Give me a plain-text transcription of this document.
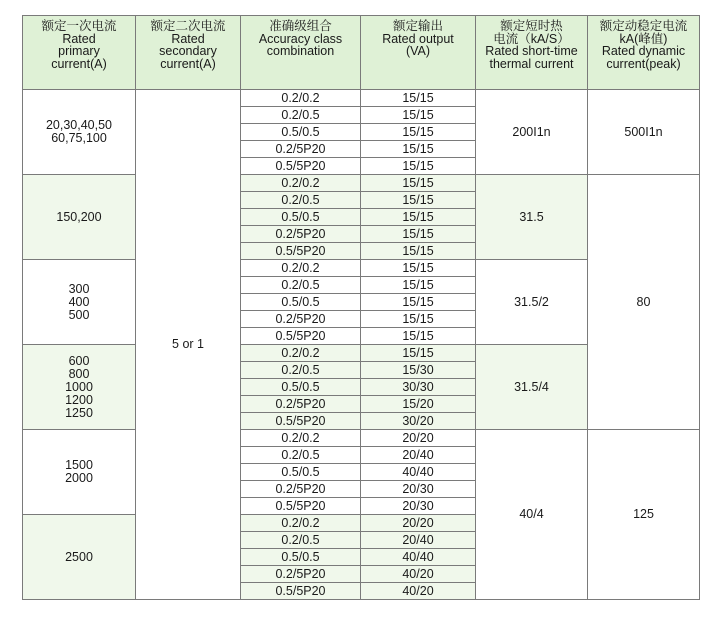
额定一次电流
Rated
primary
current(A)	额定二次电流
Rated
secondary
current(A)	准确级组合
Accuracy class
combination	额定输出
Rated output
(VA)	额定短时热
电流（kA/S）
Rated short-time
thermal current	额定动稳定电流
kA(峰值)
Rated dynamic
current(peak)

20,30,40,50
60,75,100	5 or 1	0.2/0.2	15/15	200I1n	500I1n
		0.2/0.5	15/15		
		0.5/0.5	15/15		
		0.2/5P20	15/15		
		0.5/5P20	15/15		

150,200		0.2/0.2	15/15	31.5	80
		0.2/0.5	15/15		
		0.5/0.5	15/15		
		0.2/5P20	15/15		
		0.5/5P20	15/15		

300
400
500		0.2/0.2	15/15	31.5/2	
		0.2/0.5	15/15		
		0.5/0.5	15/15		
		0.2/5P20	15/15		
		0.5/5P20	15/15		

600
800
1000
1200
1250		0.2/0.2	15/15	31.5/4	
		0.2/0.5	15/30		
		0.5/0.5	30/30		
		0.2/5P20	15/20		
		0.5/5P20	30/20		

1500
2000		0.2/0.2	20/20	40/4	125
		0.2/0.5	20/40		
		0.5/0.5	40/40		
		0.2/5P20	20/30		
		0.5/5P20	20/30		

2500		0.2/0.2	20/20		
		0.2/0.5	20/40		
		0.5/0.5	40/40		
		0.2/5P20	40/20		
		0.5/5P20	40/20		
